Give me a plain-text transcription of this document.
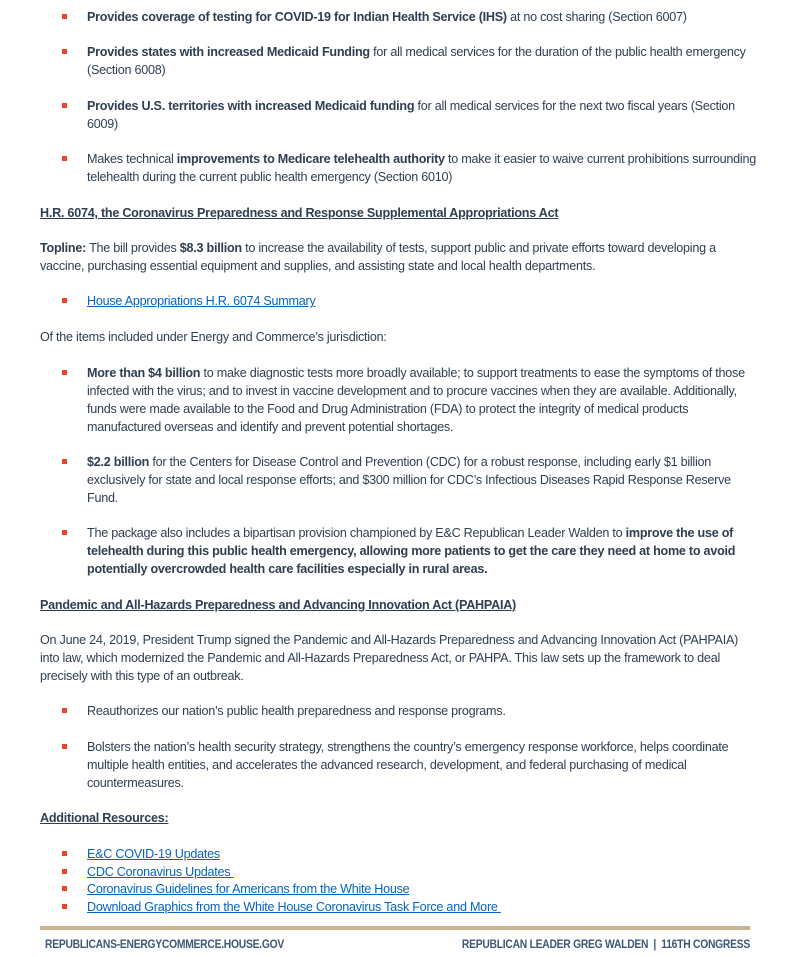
Provides coverage of testing for COVID-19 for Indian Health Service (IHS) at no cost sharing (Section 6007)
Provides states with increased Medicaid Funding for all medical services for the duration of the public health emergency (Section 6008)
Provides U.S. territories with increased Medicaid funding for all medical services for the next two fiscal years (Section 6009)
Makes technical improvements to Medicare telehealth authority to make it easier to waive current prohibitions surrounding telehealth during the current public health emergency (Section 6010)
H.R. 6074, the Coronavirus Preparedness and Response Supplemental Appropriations Act
Topline: The bill provides $8.3 billion to increase the availability of tests, support public and private efforts toward developing a vaccine, purchasing essential equipment and supplies, and assisting state and local health departments.
House Appropriations H.R. 6074 Summary
Of the items included under Energy and Commerce’s jurisdiction:
More than $4 billion to make diagnostic tests more broadly available; to support treatments to ease the symptoms of those infected with the virus; and to invest in vaccine development and to procure vaccines when they are available. Additionally, funds were made available to the Food and Drug Administration (FDA) to protect the integrity of medical products manufactured overseas and identify and prevent potential shortages.
$2.2 billion for the Centers for Disease Control and Prevention (CDC) for a robust response, including early $1 billion exclusively for state and local response efforts; and $300 million for CDC’s Infectious Diseases Rapid Response Reserve Fund.
The package also includes a bipartisan provision championed by E&C Republican Leader Walden to improve the use of telehealth during this public health emergency, allowing more patients to get the care they need at home to avoid potentially overcrowded health care facilities especially in rural areas.
Pandemic and All-Hazards Preparedness and Advancing Innovation Act (PAHPAIA)
On June 24, 2019, President Trump signed the Pandemic and All-Hazards Preparedness and Advancing Innovation Act (PAHPAIA) into law, which modernized the Pandemic and All-Hazards Preparedness Act, or PAHPA. This law sets up the framework to deal precisely with this type of an outbreak.
Reauthorizes our nation’s public health preparedness and response programs.
Bolsters the nation’s health security strategy, strengthens the country’s emergency response workforce, helps coordinate multiple health entities, and accelerates the advanced research, development, and federal purchasing of medical countermeasures.
Additional Resources:
E&C COVID-19 Updates
CDC Coronavirus Updates
Coronavirus Guidelines for Americans from the White House
Download Graphics from the White House Coronavirus Task Force and More
REPUBLICANS-ENERGYCOMMERCE.HOUSE.GOV	REPUBLICAN LEADER GREG WALDEN  |  116TH CONGRESS
